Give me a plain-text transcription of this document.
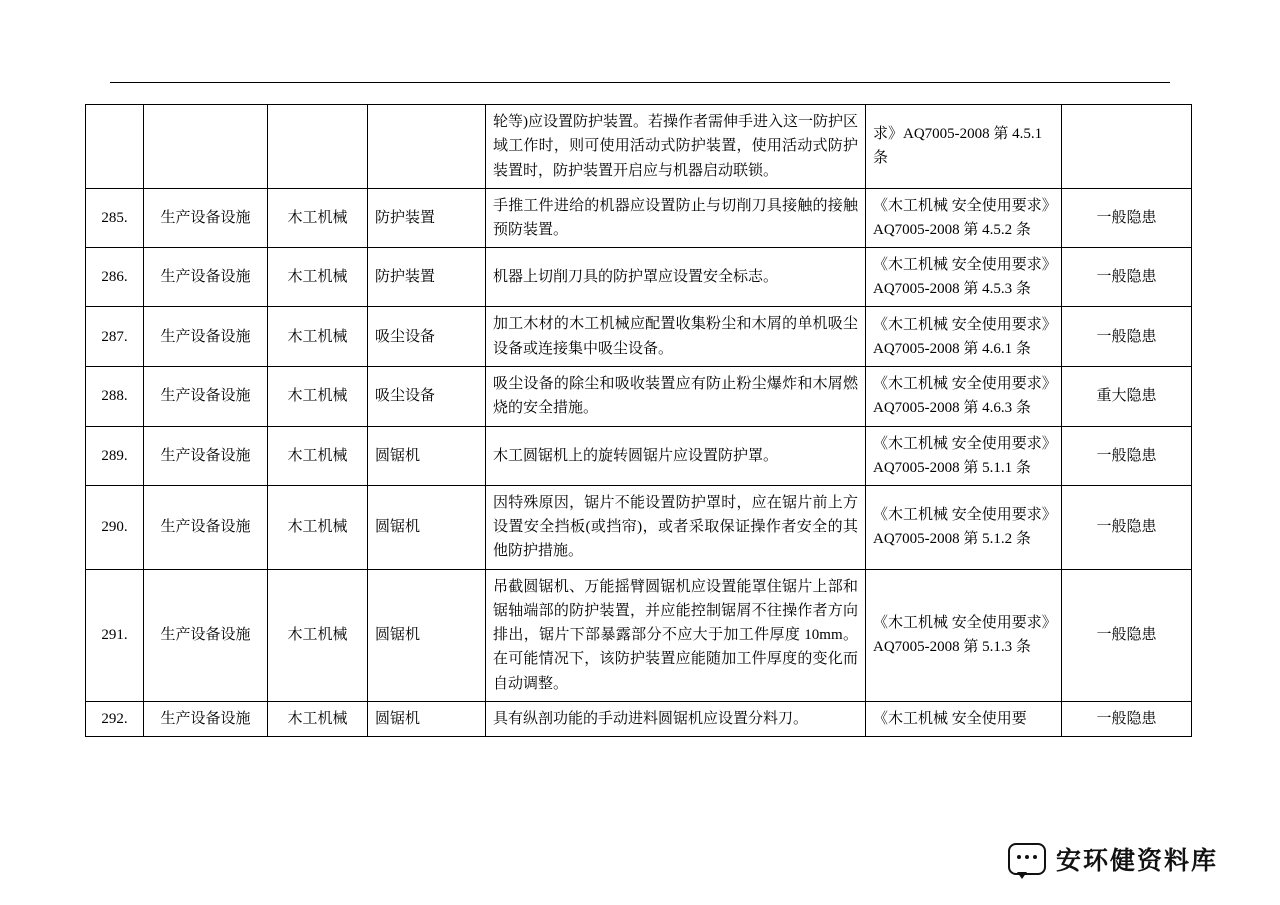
				轮等)应设置防护装置。若操作者需伸手进入这一防护区域工作时，则可使用活动式防护装置，使用活动式防护装置时，防护装置开启应与机器启动联锁。	求》AQ7005-2008 第 4.5.1 条	

285.	生产设备设施	木工机械	防护装置	手推工件进给的机器应设置防止与切削刀具接触的接触预防装置。	《木工机械 安全使用要求》AQ7005-2008 第 4.5.2 条	一般隐患
286.	生产设备设施	木工机械	防护装置	机器上切削刀具的防护罩应设置安全标志。	《木工机械 安全使用要求》AQ7005-2008 第 4.5.3 条	一般隐患
287.	生产设备设施	木工机械	吸尘设备	加工木材的木工机械应配置收集粉尘和木屑的单机吸尘设备或连接集中吸尘设备。	《木工机械 安全使用要求》AQ7005-2008 第 4.6.1 条	一般隐患
288.	生产设备设施	木工机械	吸尘设备	吸尘设备的除尘和吸收装置应有防止粉尘爆炸和木屑燃烧的安全措施。	《木工机械 安全使用要求》AQ7005-2008 第 4.6.3 条	重大隐患
289.	生产设备设施	木工机械	圆锯机	木工圆锯机上的旋转圆锯片应设置防护罩。	《木工机械 安全使用要求》AQ7005-2008 第 5.1.1 条	一般隐患
290.	生产设备设施	木工机械	圆锯机	因特殊原因，锯片不能设置防护罩时，应在锯片前上方设置安全挡板(或挡帘)，或者采取保证操作者安全的其他防护措施。	《木工机械 安全使用要求》AQ7005-2008 第 5.1.2 条	一般隐患
291.	生产设备设施	木工机械	圆锯机	吊截圆锯机、万能摇臂圆锯机应设置能罩住锯片上部和锯轴端部的防护装置，并应能控制锯屑不往操作者方向排出，锯片下部暴露部分不应大于加工件厚度 10mm。在可能情况下，该防护装置应能随加工件厚度的变化而自动调整。	《木工机械 安全使用要求》AQ7005-2008 第 5.1.3 条	一般隐患
292.	生产设备设施	木工机械	圆锯机	具有纵剖功能的手动进料圆锯机应设置分料刀。	《木工机械 安全使用要	一般隐患
安环健资料库
